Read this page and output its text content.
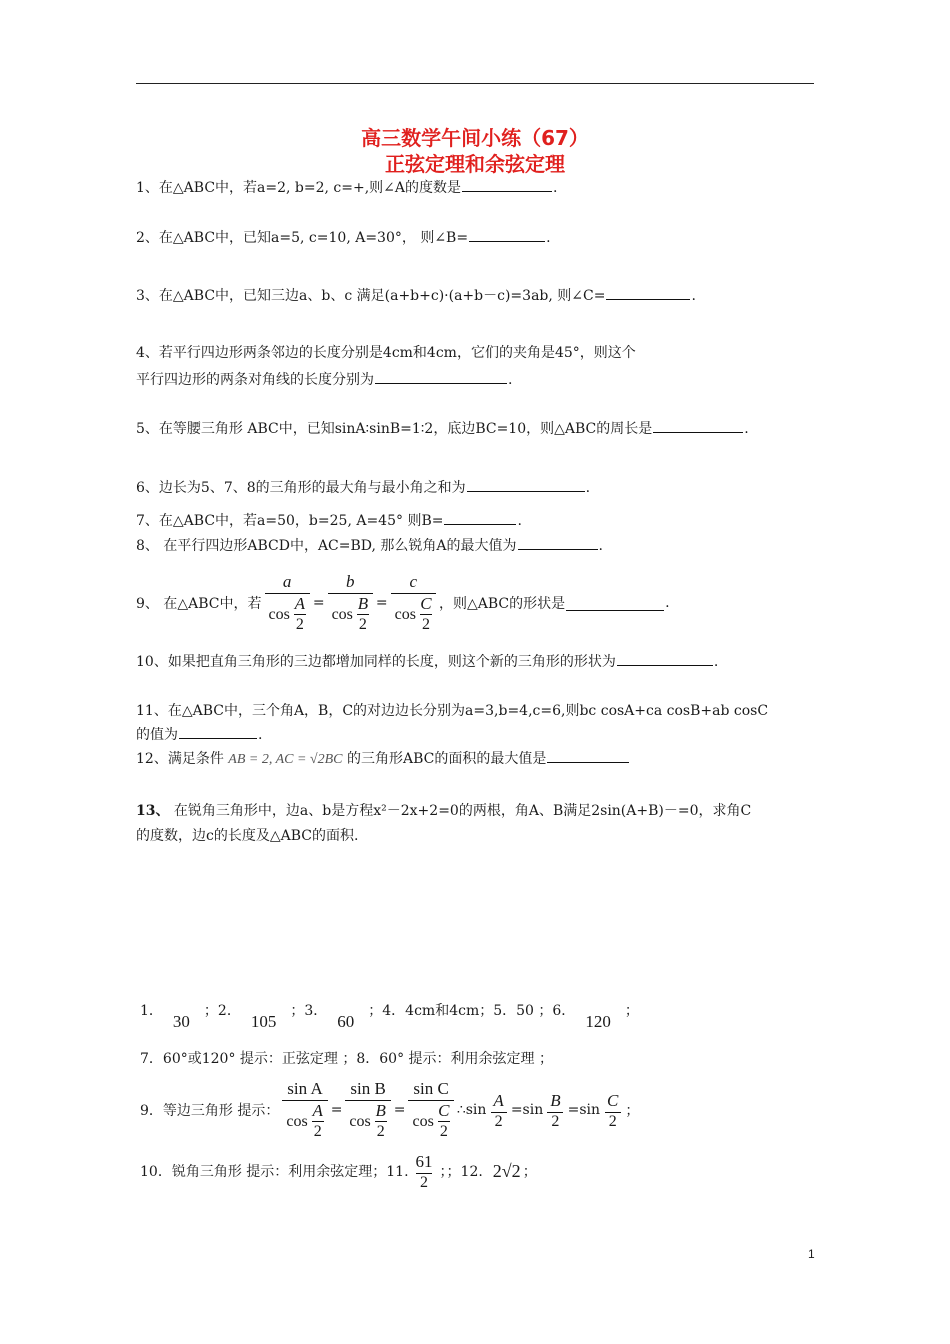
高三数学午间小练（67）
正弦定理和余弦定理
1、在△ABC中，若a=2, b=2, c=+,则∠A的度数是	.
2、在△ABC中，已知a=5, c=10, A=30°， 则∠B=	.
3、在△ABC中，已知三边a、b、c 满足(a+b+c)·(a+b－c)=3ab, 则∠C=	.
4、若平行四边形两条邻边的长度分别是4cm和4cm，它们的夹角是45°，则这个
平行四边形的两条对角线的长度分别为	.
5、在等腰三角形 ABC中，已知sinA∶sinB=1∶2，底边BC=10，则△ABC的周长是	.
6、边长为5、7、8的三角形的最大角与最小角之和为	.
7、在△ABC中，若a=50，b=25, A=45° 则B=	.
8、 在平行四边形ABCD中，AC=BD, 那么锐角A的最大值为	.
9、 在△ABC中，若 a
cos
A
2 = b
cos
B
2 = c
cos
C
2 ，则△ABC的形状是	.
10、如果把直角三角形的三边都增加同样的长度，则这个新的三角形的形状为	.
11、在△ABC中，三个角A，B，C的对边边长分别为a=3,b=4,c=6,则bc cosA+ca cosB+ab cosC
的值为	.
12、满足条件 AB = 2, AC = √2BC 的三角形ABC的面积的最大值是
13、 在锐角三角形中，边a、b是方程x²－2x+2=0的两根，角A、B满足2sin(A+B)－=0，求角C
的度数，边c的长度及△ABC的面积.
1．30；2．105；3．60；4．4cm和4cm；5．50 ；6．120；
7．60°或120° 提示：正弦定理 ；8．60° 提示：利用余弦定理 ；
9．等边三角形 提示： sin A
cos
A
2 = sin B
cos
B
2 = sin C
cos
C
2 ∴ $\sin \frac{A}{2} = \sin \frac{B}{2} = \sin \frac{C}{2}$ ；
10．锐角三角形 提示：利用余弦定理；11. $\frac{61}{2}$ ；；12. 2√2 ；
1
